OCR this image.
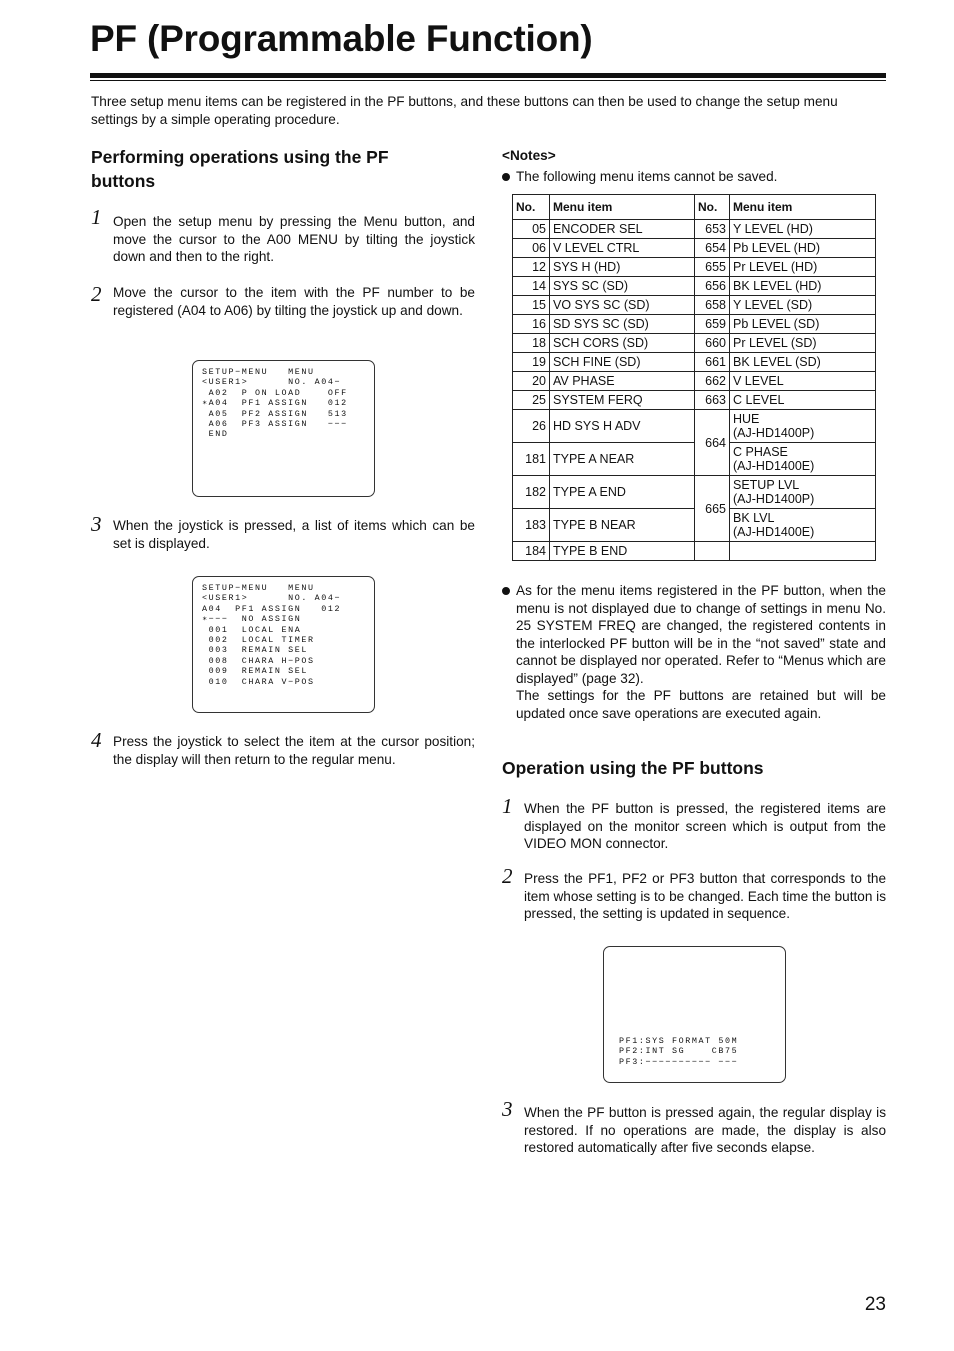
PF (Programmable Function)
Three setup menu items can be registered in the PF buttons, and these buttons can then be used to change the setup menu settings by a simple operating procedure.
Performing operations using the PF
buttons
1 Open the setup menu by pressing the Menu button, and move the cursor to the A00 MENU by tilting the joystick down and then to the right.
2 Move the cursor to the item with the PF number to be registered (A04 to A06) by tilting the joystick up and down.
SETUP−MENU   MENU
<USER1>      NO. A04−
A02  P ON LOAD    OFF
∗A04  PF1 ASSIGN   012
A05  PF2 ASSIGN   513
A06  PF3 ASSIGN   −−−
END
3 When the joystick is pressed, a list of items which can be set is displayed.
SETUP−MENU   MENU
<USER1>      NO. A04−
A04  PF1 ASSIGN   012
∗−−−  NO ASSIGN
001  LOCAL ENA
002  LOCAL TIMER
003  REMAIN SEL
008  CHARA H−POS
009  REMAIN SEL
010  CHARA V−POS
4 Press the joystick to select the item at the cursor position; the display will then return to the regular menu.
<Notes>
The following menu items cannot be saved.
No.	Menu item	No.	Menu item
05	ENCODER SEL	653	Y LEVEL (HD)
06	V LEVEL CTRL	654	Pb LEVEL (HD)
12	SYS H (HD)	655	Pr LEVEL (HD)
14	SYS SC (SD)	656	BK LEVEL (HD)
15	VO SYS SC (SD)	658	Y LEVEL (SD)
16	SD SYS SC (SD)	659	Pb LEVEL (SD)
18	SCH CORS (SD)	660	Pr LEVEL (SD)
19	SCH FINE (SD)	661	BK LEVEL (SD)
20	AV PHASE	662	V LEVEL
25	SYSTEM FERQ	663	C LEVEL
26	HD SYS H ADV	664	HUE
(AJ-HD1400P)

181	TYPE A NEAR		C PHASE
(AJ-HD1400E)

182	TYPE A END	665	SETUP LVL
(AJ-HD1400P)

183	TYPE B NEAR		BK LVL
(AJ-HD1400E)

184	TYPE B END		
As for the menu items registered in the PF button, when the menu is not displayed due to change of settings in menu No. 25 SYSTEM FREQ are changed, the registered contents in the interlocked PF button will be in the “not saved” state and cannot be displayed nor operated. Refer to “Menus which are displayed” (page 32).
The settings for the PF buttons are retained but will be updated once save operations are executed again.
Operation using the PF buttons
1 When the PF button is pressed, the registered items are displayed on the monitor screen which is output from the VIDEO MON connector.
2 Press the PF1, PF2 or PF3 button that corresponds to the item whose setting is to be changed. Each time the button is pressed, the setting is updated in sequence.
PF1:SYS FORMAT 50M
PF2:INT SG    CB75
PF3:−−−−−−−−−− −−−
3 When the PF button is pressed again, the regular display is restored. If no operations are made, the display is also restored automatically after five seconds elapse.
23
